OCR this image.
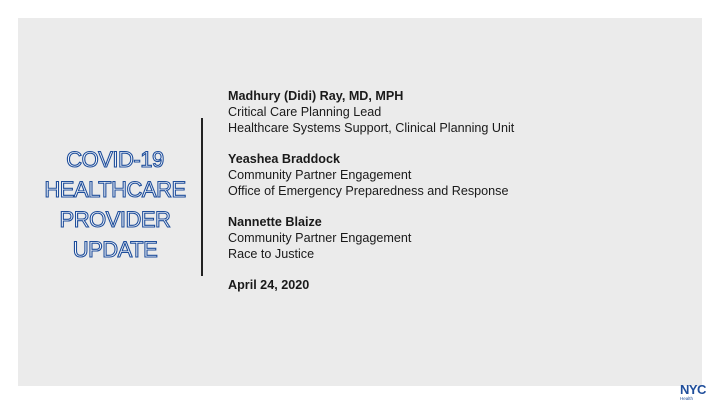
COVID-19
HEALTHCARE
PROVIDER
UPDATE
Madhury (Didi) Ray, MD, MPH
Critical Care Planning Lead
Healthcare Systems Support, Clinical Planning Unit
Yeashea Braddock
Community Partner Engagement
Office of Emergency Preparedness and Response
Nannette Blaize
Community Partner Engagement
Race to Justice
April 24, 2020
NYC
Health
